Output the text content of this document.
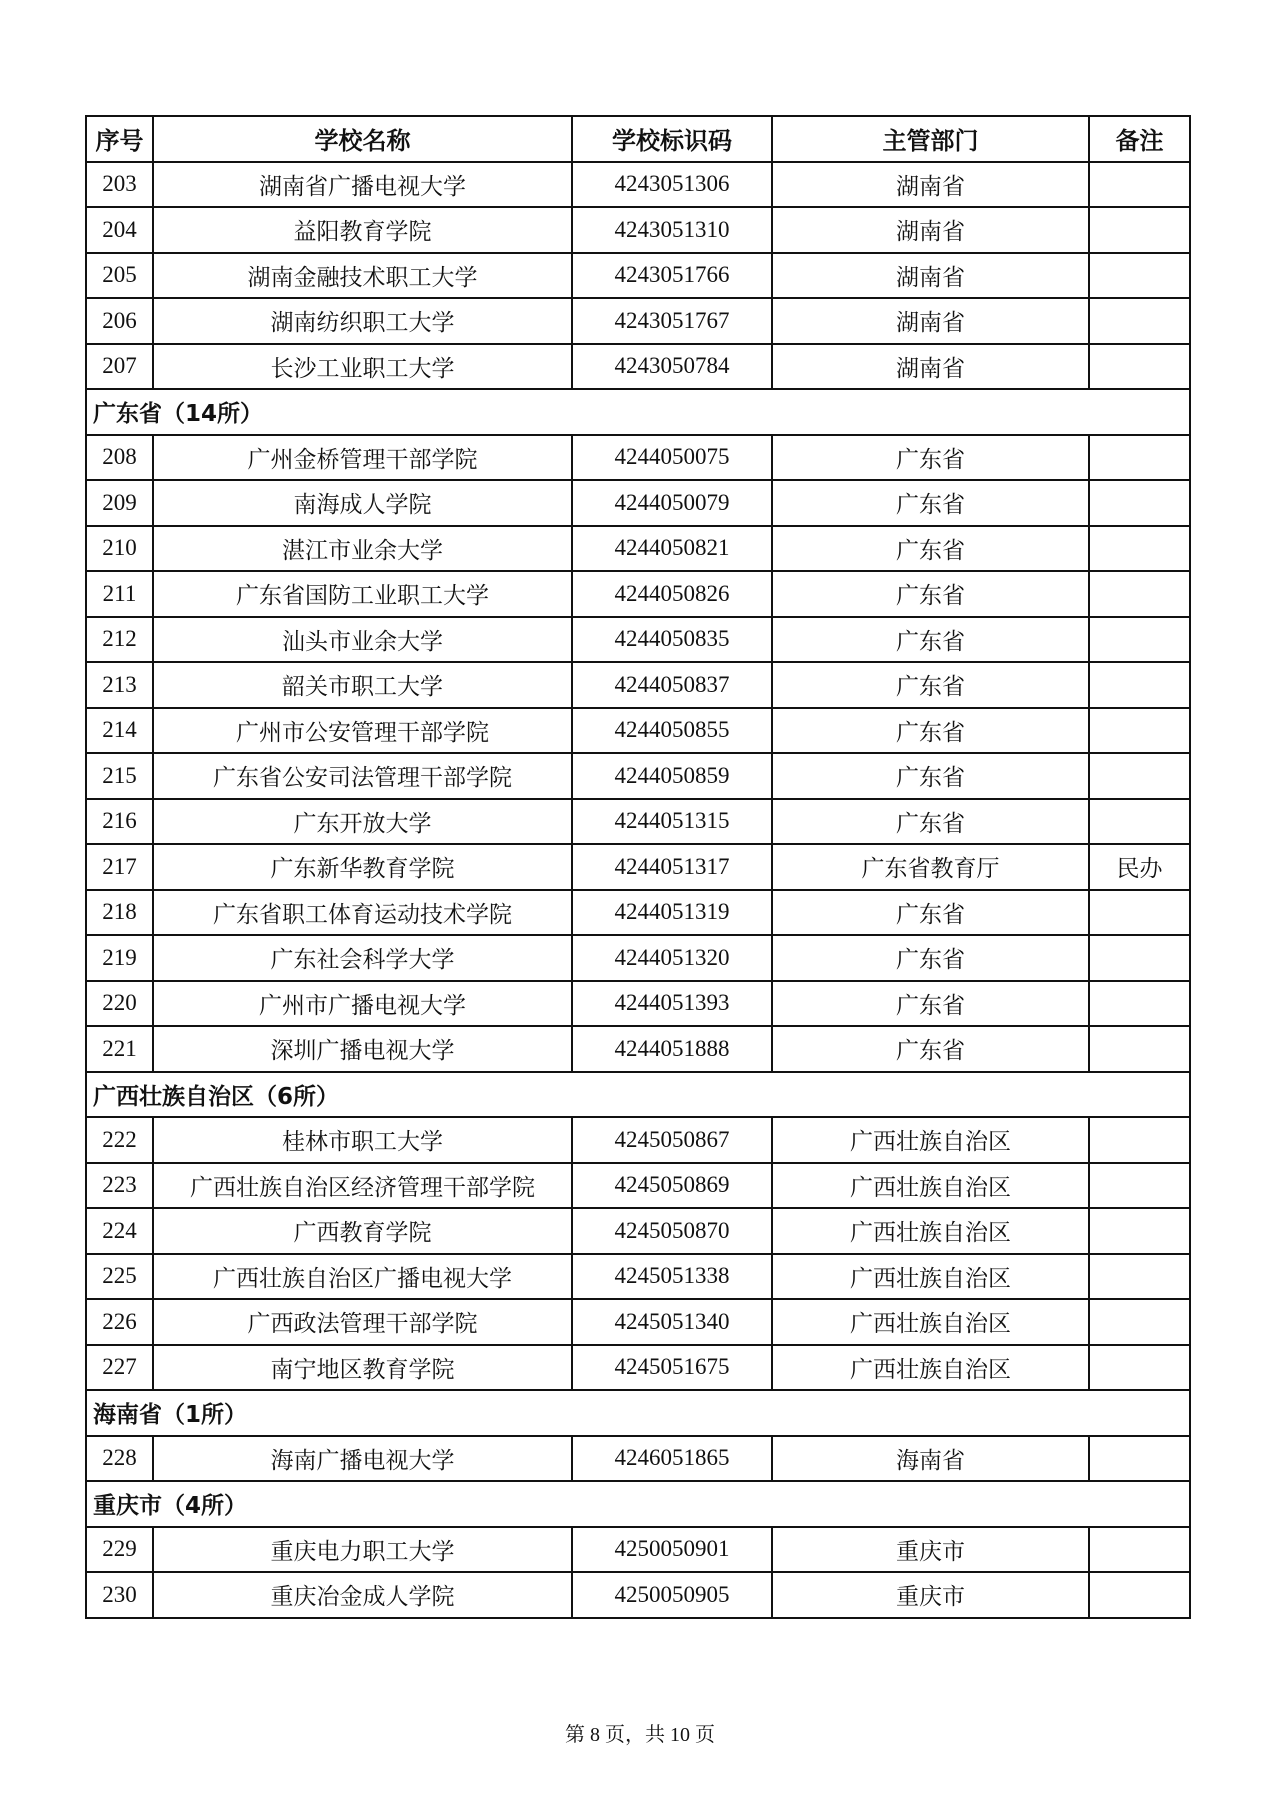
序号	学校名称	学校标识码	主管部门	备注
203	湖南省广播电视大学	4243051306	湖南省	
204	益阳教育学院	4243051310	湖南省	
205	湖南金融技术职工大学	4243051766	湖南省	
206	湖南纺织职工大学	4243051767	湖南省	
207	长沙工业职工大学	4243050784	湖南省	
广东省（14所）				
208	广州金桥管理干部学院	4244050075	广东省	
209	南海成人学院	4244050079	广东省	
210	湛江市业余大学	4244050821	广东省	
211	广东省国防工业职工大学	4244050826	广东省	
212	汕头市业余大学	4244050835	广东省	
213	韶关市职工大学	4244050837	广东省	
214	广州市公安管理干部学院	4244050855	广东省	
215	广东省公安司法管理干部学院	4244050859	广东省	
216	广东开放大学	4244051315	广东省	
217	广东新华教育学院	4244051317	广东省教育厅	民办
218	广东省职工体育运动技术学院	4244051319	广东省	
219	广东社会科学大学	4244051320	广东省	
220	广州市广播电视大学	4244051393	广东省	
221	深圳广播电视大学	4244051888	广东省	
广西壮族自治区（6所）				
222	桂林市职工大学	4245050867	广西壮族自治区	
223	广西壮族自治区经济管理干部学院	4245050869	广西壮族自治区	
224	广西教育学院	4245050870	广西壮族自治区	
225	广西壮族自治区广播电视大学	4245051338	广西壮族自治区	
226	广西政法管理干部学院	4245051340	广西壮族自治区	
227	南宁地区教育学院	4245051675	广西壮族自治区	
海南省（1所）				
228	海南广播电视大学	4246051865	海南省	
重庆市（4所）				
229	重庆电力职工大学	4250050901	重庆市	
230	重庆冶金成人学院	4250050905	重庆市	
第 8 页，共 10 页
